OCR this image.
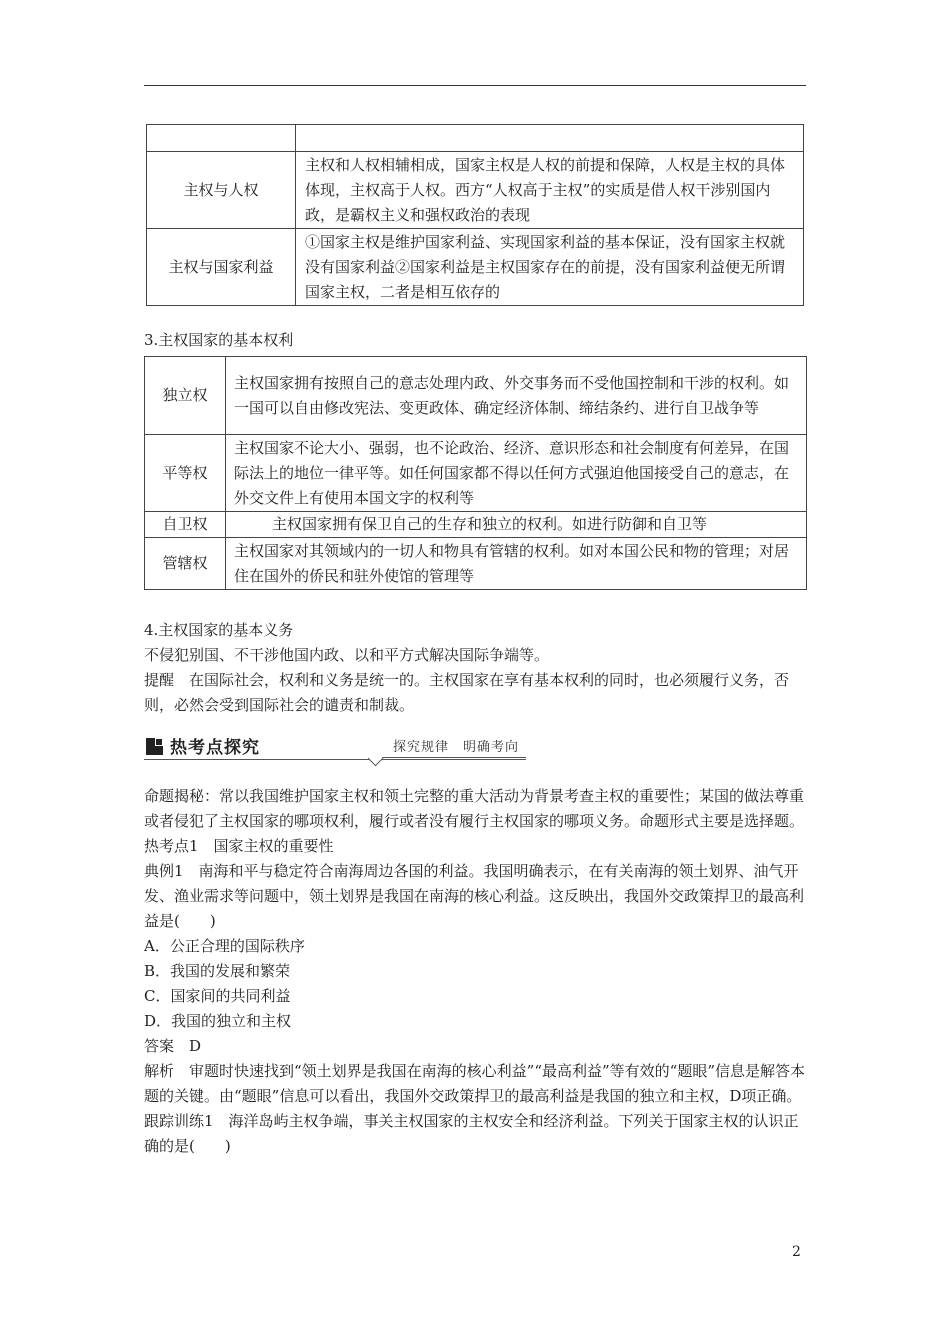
主权与人权	主权和人权相辅相成，国家主权是人权的前提和保障，人权是主权的具体体现，主权高于人权。西方“人权高于主权”的实质是借人权干涉别国内政，是霸权主义和强权政治的表现
主权与国家利益	①国家主权是维护国家利益、实现国家利益的基本保证，没有国家主权就没有国家利益②国家利益是主权国家存在的前提，没有国家利益便无所谓国家主权，二者是相互依存的

3.主权国家的基本权利

独立权	主权国家拥有按照自己的意志处理内政、外交事务而不受他国控制和干涉的权利。如一国可以自由修改宪法、变更政体、确定经济体制、缔结条约、进行自卫战争等
平等权	主权国家不论大小、强弱，也不论政治、经济、意识形态和社会制度有何差异，在国际法上的地位一律平等。如任何国家都不得以任何方式强迫他国接受自己的意志，在外交文件上有使用本国文字的权利等
自卫权	主权国家拥有保卫自己的生存和独立的权利。如进行防御和自卫等
管辖权	主权国家对其领域内的一切人和物具有管辖的权利。如对本国公民和物的管理；对居住在国外的侨民和驻外使馆的管理等

4.主权国家的基本义务

不侵犯别国、不干涉他国内政、以和平方式解决国际争端等。

提醒　在国际社会，权利和义务是统一的。主权国家在享有基本权利的同时，也必须履行义务，否则，必然会受到国际社会的谴责和制裁。

热考点探究	探究规律　明确考向

命题揭秘：常以我国维护国家主权和领土完整的重大活动为背景考查主权的重要性；某国的做法尊重或者侵犯了主权国家的哪项权利，履行或者没有履行主权国家的哪项义务。命题形式主要是选择题。

热考点1　国家主权的重要性

典例1　南海和平与稳定符合南海周边各国的利益。我国明确表示，在有关南海的领土划界、油气开发、渔业需求等问题中，领土划界是我国在南海的核心利益。这反映出，我国外交政策捍卫的最高利益是(　　)

A．公正合理的国际秩序

B．我国的发展和繁荣

C．国家间的共同利益

D．我国的独立和主权

答案　D

解析　审题时快速找到“领土划界是我国在南海的核心利益”“最高利益”等有效的“题眼”信息是解答本题的关键。由“题眼”信息可以看出，我国外交政策捍卫的最高利益是我国的独立和主权，D项正确。

跟踪训练1　海洋岛屿主权争端，事关主权国家的主权安全和经济利益。下列关于国家主权的认识正确的是(　　)

2
